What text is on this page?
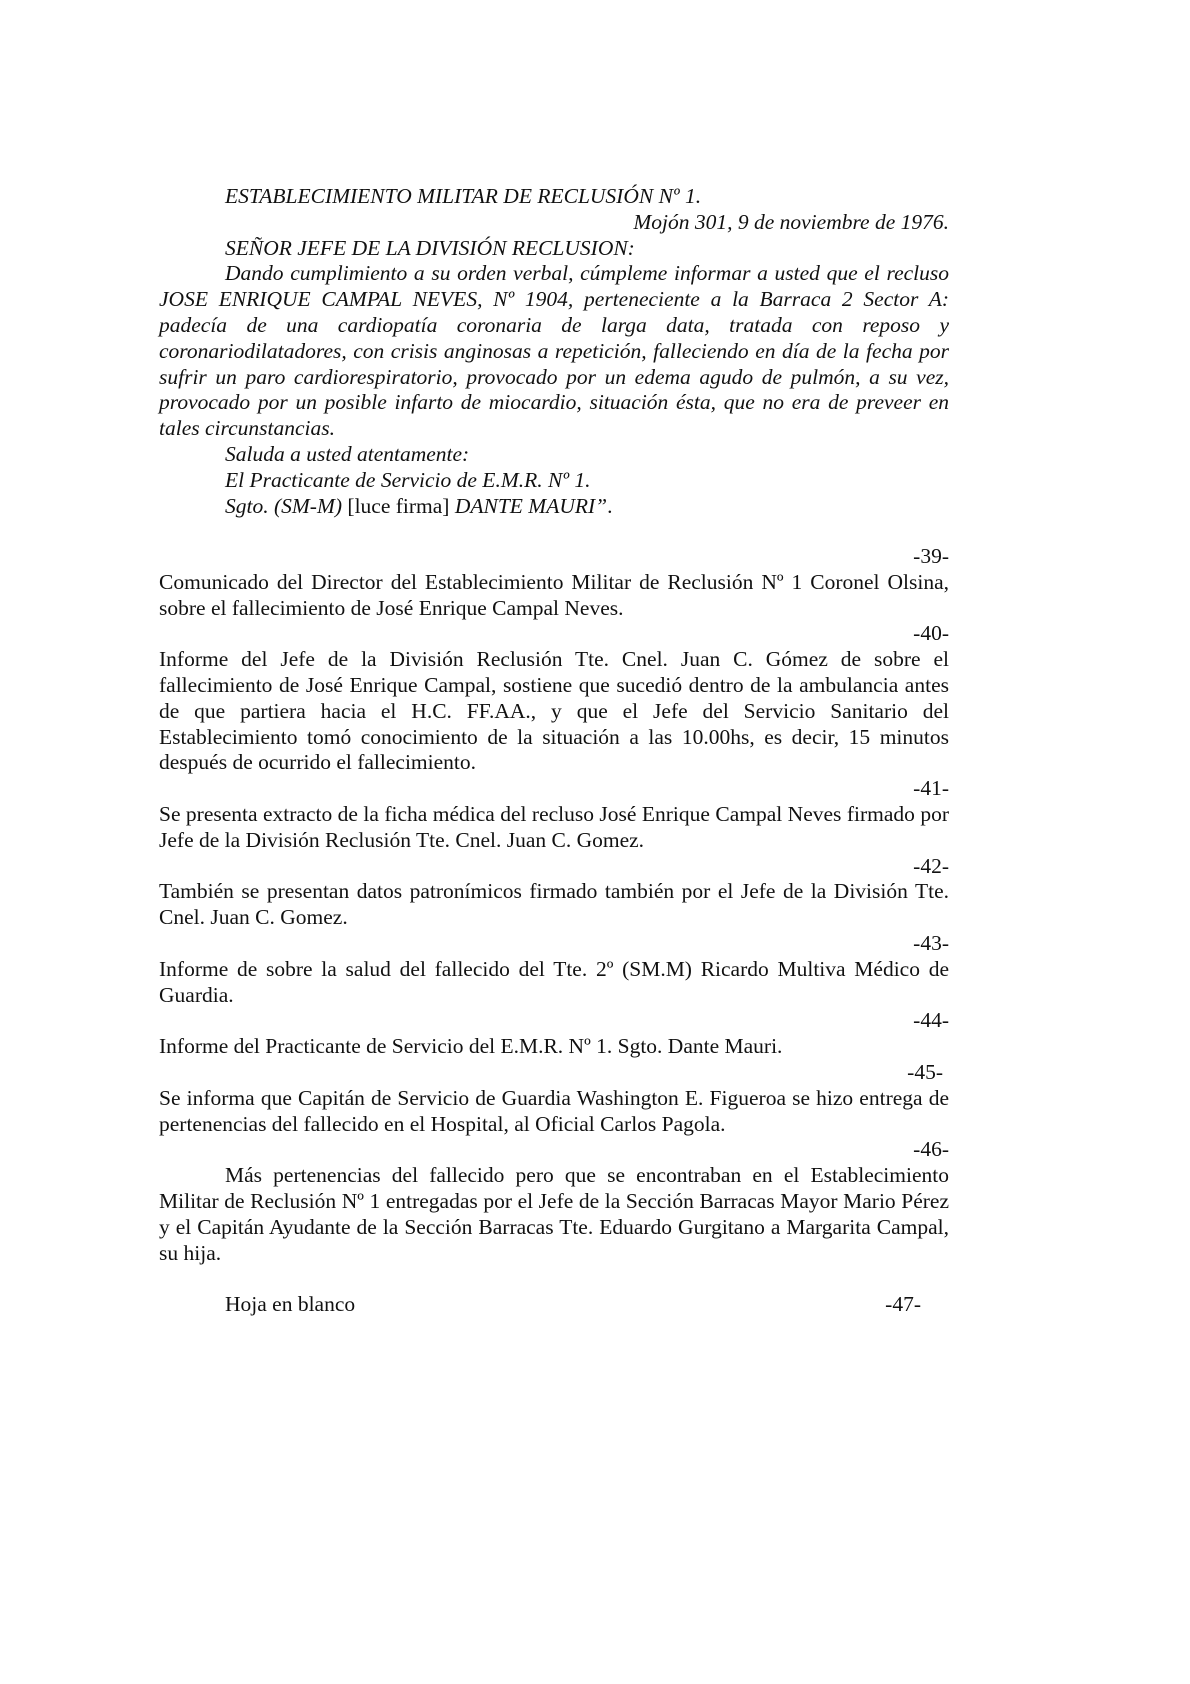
ESTABLECIMIENTO MILITAR DE RECLUSIÓN Nº 1.

Mojón 301, 9 de noviembre de 1976.

SEÑOR JEFE DE LA DIVISIÓN RECLUSION:

Dando cumplimiento a su orden verbal, cúmpleme informar a usted que el recluso JOSE ENRIQUE CAMPAL NEVES, Nº 1904, perteneciente a la Barraca 2 Sector A: padecía de una cardiopatía coronaria de larga data, tratada con reposo y coronariodilatadores, con crisis anginosas a repetición, falleciendo en día de la fecha por sufrir un paro cardiorespiratorio, provocado por un edema agudo de pulmón, a su vez, provocado por un posible infarto de miocardio, situación ésta, que no era de preveer en tales circunstancias.

Saluda a usted atentamente:

El Practicante de Servicio de E.M.R. Nº 1.

Sgto. (SM-M) [luce firma] DANTE MAURI”.

-39-

Comunicado del Director del Establecimiento Militar de Reclusión Nº 1 Coronel Olsina, sobre el fallecimiento de José Enrique Campal Neves.

-40-

Informe del Jefe de la División Reclusión Tte. Cnel. Juan C. Gómez de sobre el fallecimiento de José Enrique Campal, sostiene que sucedió dentro de la ambulancia antes de que partiera hacia el H.C. FF.AA., y que el Jefe del Servicio Sanitario del Establecimiento tomó conocimiento de la situación a las 10.00hs, es decir, 15 minutos después de ocurrido el fallecimiento.

-41-

Se presenta extracto de la ficha médica del recluso José Enrique Campal Neves firmado por Jefe de la División Reclusión Tte. Cnel. Juan C. Gomez.

-42-

También se presentan datos patronímicos firmado también por el Jefe de la División Tte. Cnel. Juan C. Gomez.

-43-

Informe de sobre la salud del fallecido del Tte. 2º (SM.M) Ricardo Multiva Médico de Guardia.

-44-

Informe del Practicante de Servicio del E.M.R. Nº 1. Sgto. Dante Mauri.

-45-

Se informa que Capitán de Servicio de Guardia Washington E. Figueroa se hizo entrega de pertenencias del fallecido en el Hospital, al Oficial Carlos Pagola.

-46-

Más pertenencias del fallecido pero que se encontraban en el Establecimiento Militar de Reclusión Nº 1 entregadas por el Jefe de la Sección Barracas Mayor Mario Pérez y el Capitán Ayudante de la Sección Barracas Tte. Eduardo Gurgitano a Margarita Campal, su hija.

Hoja en blanco	-47-
